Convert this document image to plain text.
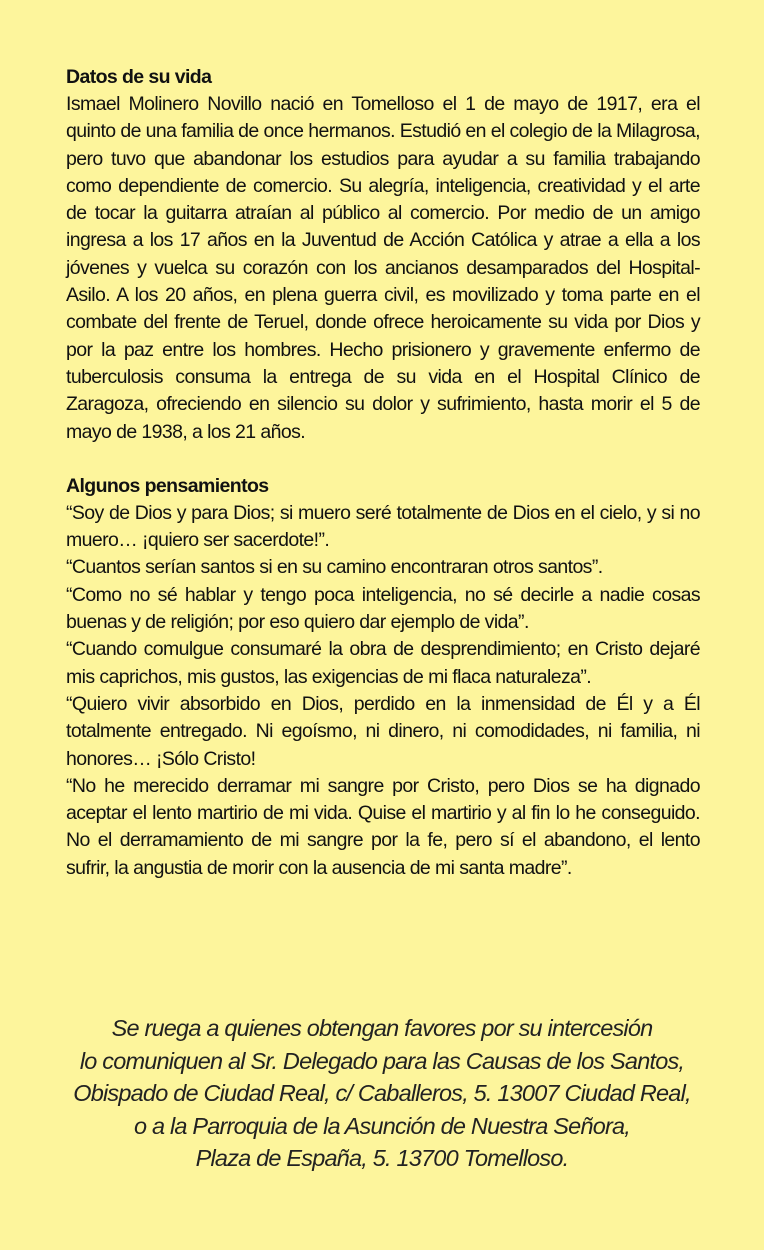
Datos de su vida

Ismael Molinero Novillo nació en Tomelloso el 1 de mayo de 1917, era el quinto de una familia de once hermanos. Estudió en el colegio de la Milagrosa, pero tuvo que abandonar los estudios para ayudar a su familia trabajando como dependiente de comercio. Su alegría, inteligencia, creatividad y el arte de tocar la guitarra atraían al público al comercio. Por medio de un amigo ingresa a los 17 años en la Juventud de Acción Católica y atrae a ella a los jóvenes y vuelca su corazón con los ancianos desamparados del Hospital-Asilo. A los 20 años, en plena guerra civil, es movilizado y toma parte en el combate del frente de Teruel, donde ofrece heroicamente su vida por Dios y por la paz entre los hombres. Hecho prisionero y gravemente enfermo de tuberculosis consuma la entrega de su vida en el Hospital Clínico de Zaragoza, ofreciendo en silencio su dolor y sufrimiento, hasta morir el 5 de mayo de 1938, a los 21 años.

Algunos pensamientos

“Soy de Dios y para Dios; si muero seré totalmente de Dios en el cielo, y si no muero… ¡quiero ser sacerdote!”.

“Cuantos serían santos si en su camino encontraran otros santos”.

“Como no sé hablar y tengo poca inteligencia, no sé decirle a nadie cosas buenas y de religión; por eso quiero dar ejemplo de vida”.

“Cuando comulgue consumaré la obra de desprendimiento; en Cristo dejaré mis caprichos, mis gustos, las exigencias de mi flaca naturaleza”.

“Quiero vivir absorbido en Dios, perdido en la inmensidad de Él y a Él totalmente entregado. Ni egoísmo, ni dinero, ni comodidades, ni familia, ni honores… ¡Sólo Cristo!

“No he merecido derramar mi sangre por Cristo, pero Dios se ha dignado aceptar el lento martirio de mi vida. Quise el martirio y al fin lo he conseguido. No el derramamiento de mi sangre por la fe, pero sí el abandono, el lento sufrir, la angustia de morir con la ausencia de mi santa madre”.

Se ruega a quienes obtengan favores por su intercesión
lo comuniquen al Sr. Delegado para las Causas de los Santos,
Obispado de Ciudad Real, c/ Caballeros, 5. 13007 Ciudad Real,
o a la Parroquia de la Asunción de Nuestra Señora,
Plaza de España, 5. 13700 Tomelloso.
